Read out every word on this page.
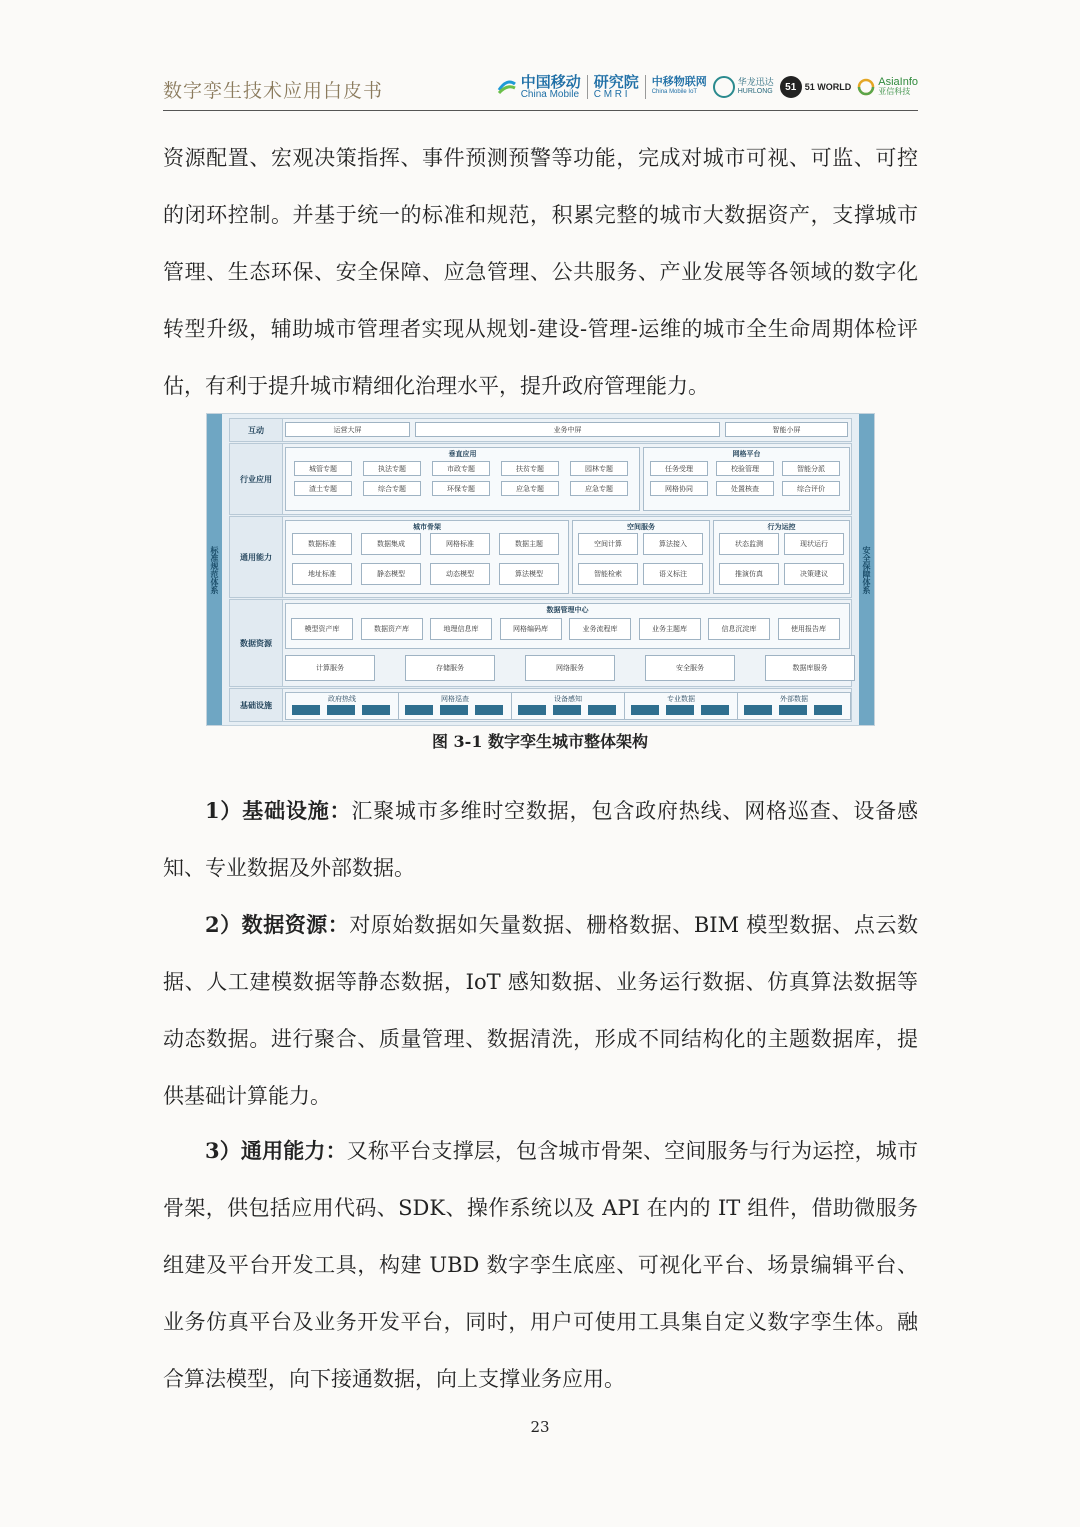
数字孪生技术应用白皮书	中国移动
China Mobile
研究院
C M R I
中移物联网
China Mobile IoT
华龙迅达
HURLONG	51 51 WORLD AsiaInfo
亚信科技

资源配置、宏观决策指挥、事件预测预警等功能，完成对城市可视、可监、可控的闭环控制。并基于统一的标准和规范，积累完整的城市大数据资产，支撑城市管理、生态环保、安全保障、应急管理、公共服务、产业发展等各领域的数字化转型升级，辅助城市管理者实现从规划-建设-管理-运维的城市全生命周期体检评估，有利于提升城市精细化治理水平，提升政府管理能力。

标准规范体系	安全保障体系
互动	运营大屏	业务中屏	智能小屏
行业应用
垂直应用
城管专题	执法专题	市政专题	扶贫专题	园林专题
渣土专题	综合专题	环保专题	应急专题	应急专题
网格平台
任务受理	校验管理	智能分派
网格协同	处置核查	综合评价
通用能力
城市骨架
数据标准	数据集成	网格标准	数据主题
地址标准	静态模型	动态模型	算法模型
空间服务
空间计算	算法接入
智能检索	语义标注
行为运控
状态监测	现状运行
推演仿真	决策建议
数据资源
数据管理中心
模型资产库	数据资产库	地理信息库	网格编码库	业务流程库	业务主题库	信息沉淀库	使用报告库
计算服务	存储服务	网络服务	安全服务	数据库服务
基础设施
政府热线	网格巡查	设备感知	专业数据	外部数据
图 3-1 数字孪生城市整体架构

1）基础设施：汇聚城市多维时空数据，包含政府热线、网格巡查、设备感知、专业数据及外部数据。

2）数据资源：对原始数据如矢量数据、栅格数据、BIM 模型数据、点云数据、人工建模数据等静态数据，IoT 感知数据、业务运行数据、仿真算法数据等动态数据。进行聚合、质量管理、数据清洗，形成不同结构化的主题数据库，提供基础计算能力。

3）通用能力：又称平台支撑层，包含城市骨架、空间服务与行为运控，城市骨架，供包括应用代码、SDK、操作系统以及 API 在内的 IT 组件，借助微服务组建及平台开发工具，构建 UBD 数字孪生底座、可视化平台、场景编辑平台、业务仿真平台及业务开发平台，同时，用户可使用工具集自定义数字孪生体。融合算法模型，向下接通数据，向上支撑业务应用。

23
